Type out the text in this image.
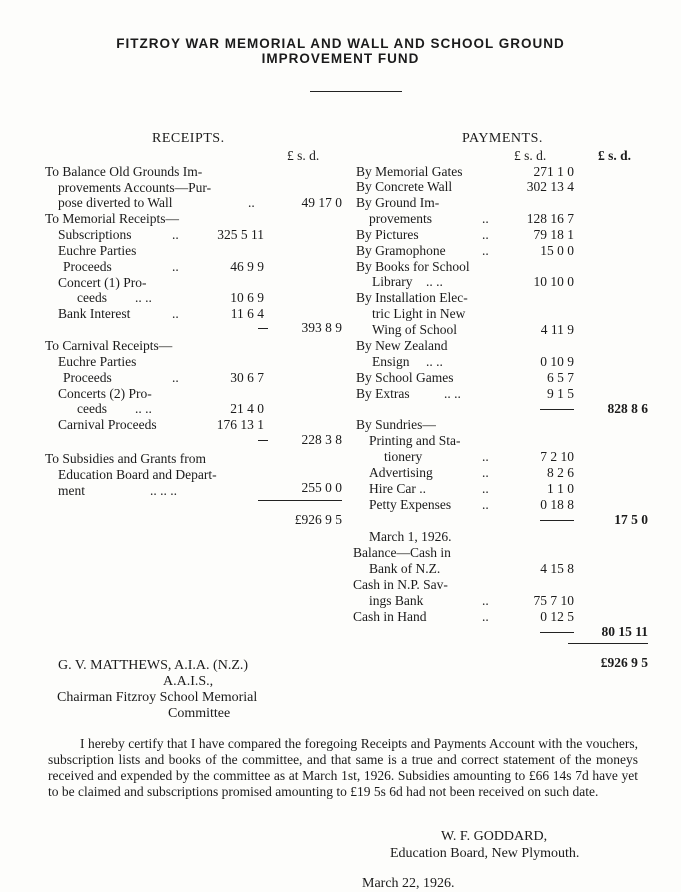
FITZROY WAR MEMORIAL AND WALL AND SCHOOL GROUND
IMPROVEMENT FUND
RECEIPTS.
£ s. d.
PAYMENTS.
£ s. d.	£ s. d.
To Balance Old Grounds Im-
provements Accounts—Pur-
pose diverted to Wall	..	49 17 0
To Memorial Receipts—
Subscriptions	..	325 5 11
Euchre Parties
Proceeds	..	46 9 9
Concert (1) Pro-
ceeds .. ..	10 6 9
Bank Interest	..	11 6 4
393 8 9
To Carnival Receipts—
Euchre Parties
Proceeds	..	30 6 7
Concerts (2) Pro-
ceeds .. ..	21 4 0
Carnival Proceeds	176 13 1
228 3 8
To Subsidies and Grants from
Education Board and Depart-
ment	.. .. ..	255 0 0
£926 9 5
By Memorial Gates	271 1 0
By Concrete Wall	302 13 4
By Ground Im-
provements	..	128 16 7
By Pictures	..	79 18 1
By Gramophone	..	15 0 0
By Books for School
Library .. ..	10 10 0
By Installation Elec-
tric Light in New
Wing of School	4 11 9
By New Zealand
Ensign .. ..	0 10 9
By School Games	6 5 7
By Extras	.. ..	9 1 5
828 8 6
By Sundries—
Printing and Sta-
tionery	..	7 2 10
Advertising	..	8 2 6
Hire Car ..	..	1 1 0
Petty Expenses ..	0 18 8
17 5 0
March 1, 1926.
Balance—Cash in
Bank of N.Z.	4 15 8
Cash in N.P. Sav-
ings Bank	..	75 7 10
Cash in Hand	..	0 12 5
80 15 11
£926 9 5
G. V. MATTHEWS, A.I.A. (N.Z.)
A.A.I.S.,
Chairman Fitzroy School Memorial
Committee
I hereby certify that I have compared the foregoing Receipts and Payments Account with the vouchers, subscription lists and books of the committee, and that same is a true and correct statement of the moneys received and expended by the committee as at March 1st, 1926. Subsidies amounting to £66 14s 7d have yet to be claimed and subscriptions promised amounting to £19 5s 6d had not been received on such date.
W. F. GODDARD,
Education Board, New Plymouth.
March 22, 1926.
